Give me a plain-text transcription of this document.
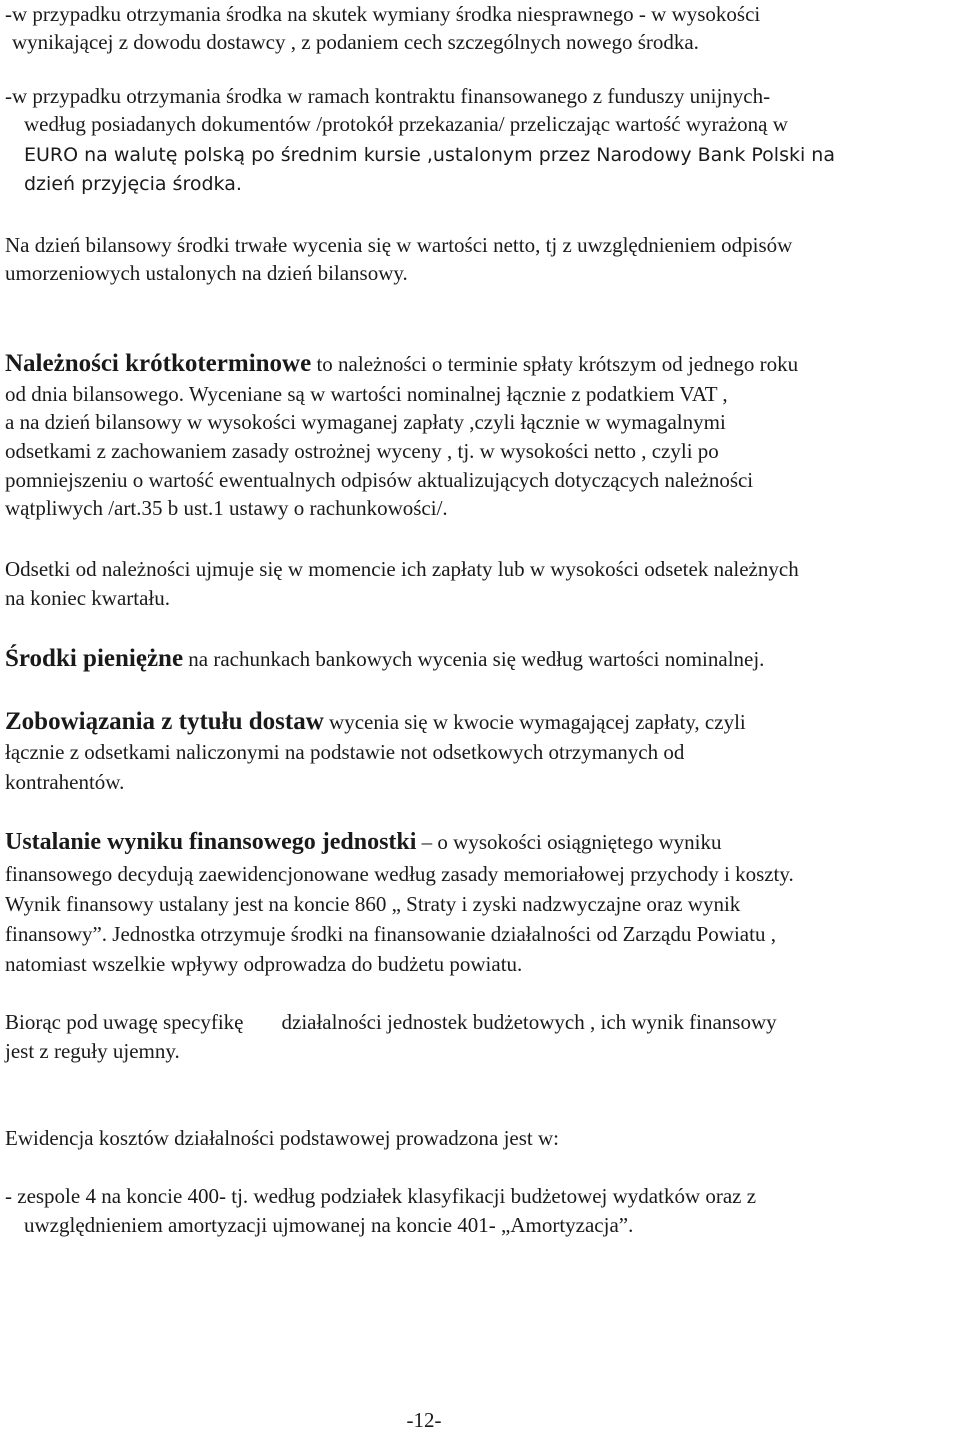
-w przypadku otrzymania środka na skutek wymiany środka niesprawnego - w wysokości
wynikającej z dowodu dostawcy , z podaniem cech szczególnych nowego środka.
-w przypadku otrzymania środka w ramach kontraktu finansowanego z funduszy unijnych-
według posiadanych dokumentów /protokół przekazania/ przeliczając wartość wyrażoną w
EURO na walutę polską po średnim kursie ,ustalonym przez Narodowy Bank Polski na
dzień przyjęcia środka.
Na dzień bilansowy środki trwałe wycenia się w wartości netto, tj z uwzględnieniem odpisów
umorzeniowych ustalonych na dzień bilansowy.
Należności krótkoterminowe to należności o terminie spłaty krótszym od jednego roku
od dnia bilansowego. Wyceniane są w wartości nominalnej łącznie z podatkiem VAT ,
a na dzień bilansowy w wysokości wymaganej zapłaty ,czyli łącznie w wymagalnymi
odsetkami z zachowaniem zasady ostrożnej wyceny , tj. w wysokości netto , czyli po
pomniejszeniu o wartość ewentualnych odpisów aktualizujących dotyczących należności
wątpliwych /art.35 b ust.1 ustawy o rachunkowości/.
Odsetki od należności ujmuje się w momencie ich zapłaty lub w wysokości odsetek należnych
na koniec kwartału.
Środki pieniężne na rachunkach bankowych wycenia się według wartości nominalnej.
Zobowiązania z tytułu dostaw wycenia się w kwocie wymagającej zapłaty, czyli
łącznie z odsetkami naliczonymi na podstawie not odsetkowych otrzymanych od
kontrahentów.
Ustalanie wyniku finansowego jednostki – o wysokości osiągniętego wyniku
finansowego decydują zaewidencjonowane według zasady memoriałowej przychody i koszty.
Wynik finansowy ustalany jest na koncie 860 „ Straty i zyski nadzwyczajne oraz wynik
finansowy”. Jednostka otrzymuje środki na finansowanie działalności od Zarządu Powiatu ,
natomiast wszelkie wpływy odprowadza do budżetu powiatu.
Biorąc pod uwagę specyfikę działalności jednostek budżetowych , ich wynik finansowy
jest z reguły ujemny.
Ewidencja kosztów działalności podstawowej prowadzona jest w:
- zespole 4 na koncie 400- tj. według podziałek klasyfikacji budżetowej wydatków oraz z
uwzględnieniem amortyzacji ujmowanej na koncie 401- „Amortyzacja”.
-12-
